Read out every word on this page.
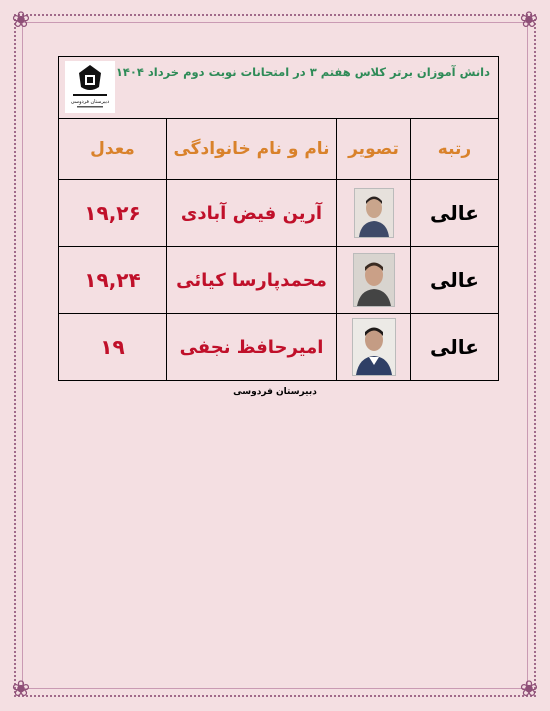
❀	❀
❀	❀
دانش آموزان برتر کلاس هفتم ۳ در امتحانات نوبت دوم خرداد ۱۴۰۴
دبیرستان فردوسی			

رتبه	تصویر	نام و نام خانوادگی	معدل
عالی		آرین فیض آبادی	۱۹,۲۶
عالی		محمدپارسا کیائی	۱۹,۲۴
عالی		امیرحافظ نجفی	۱۹
دبیرستان فردوسی
